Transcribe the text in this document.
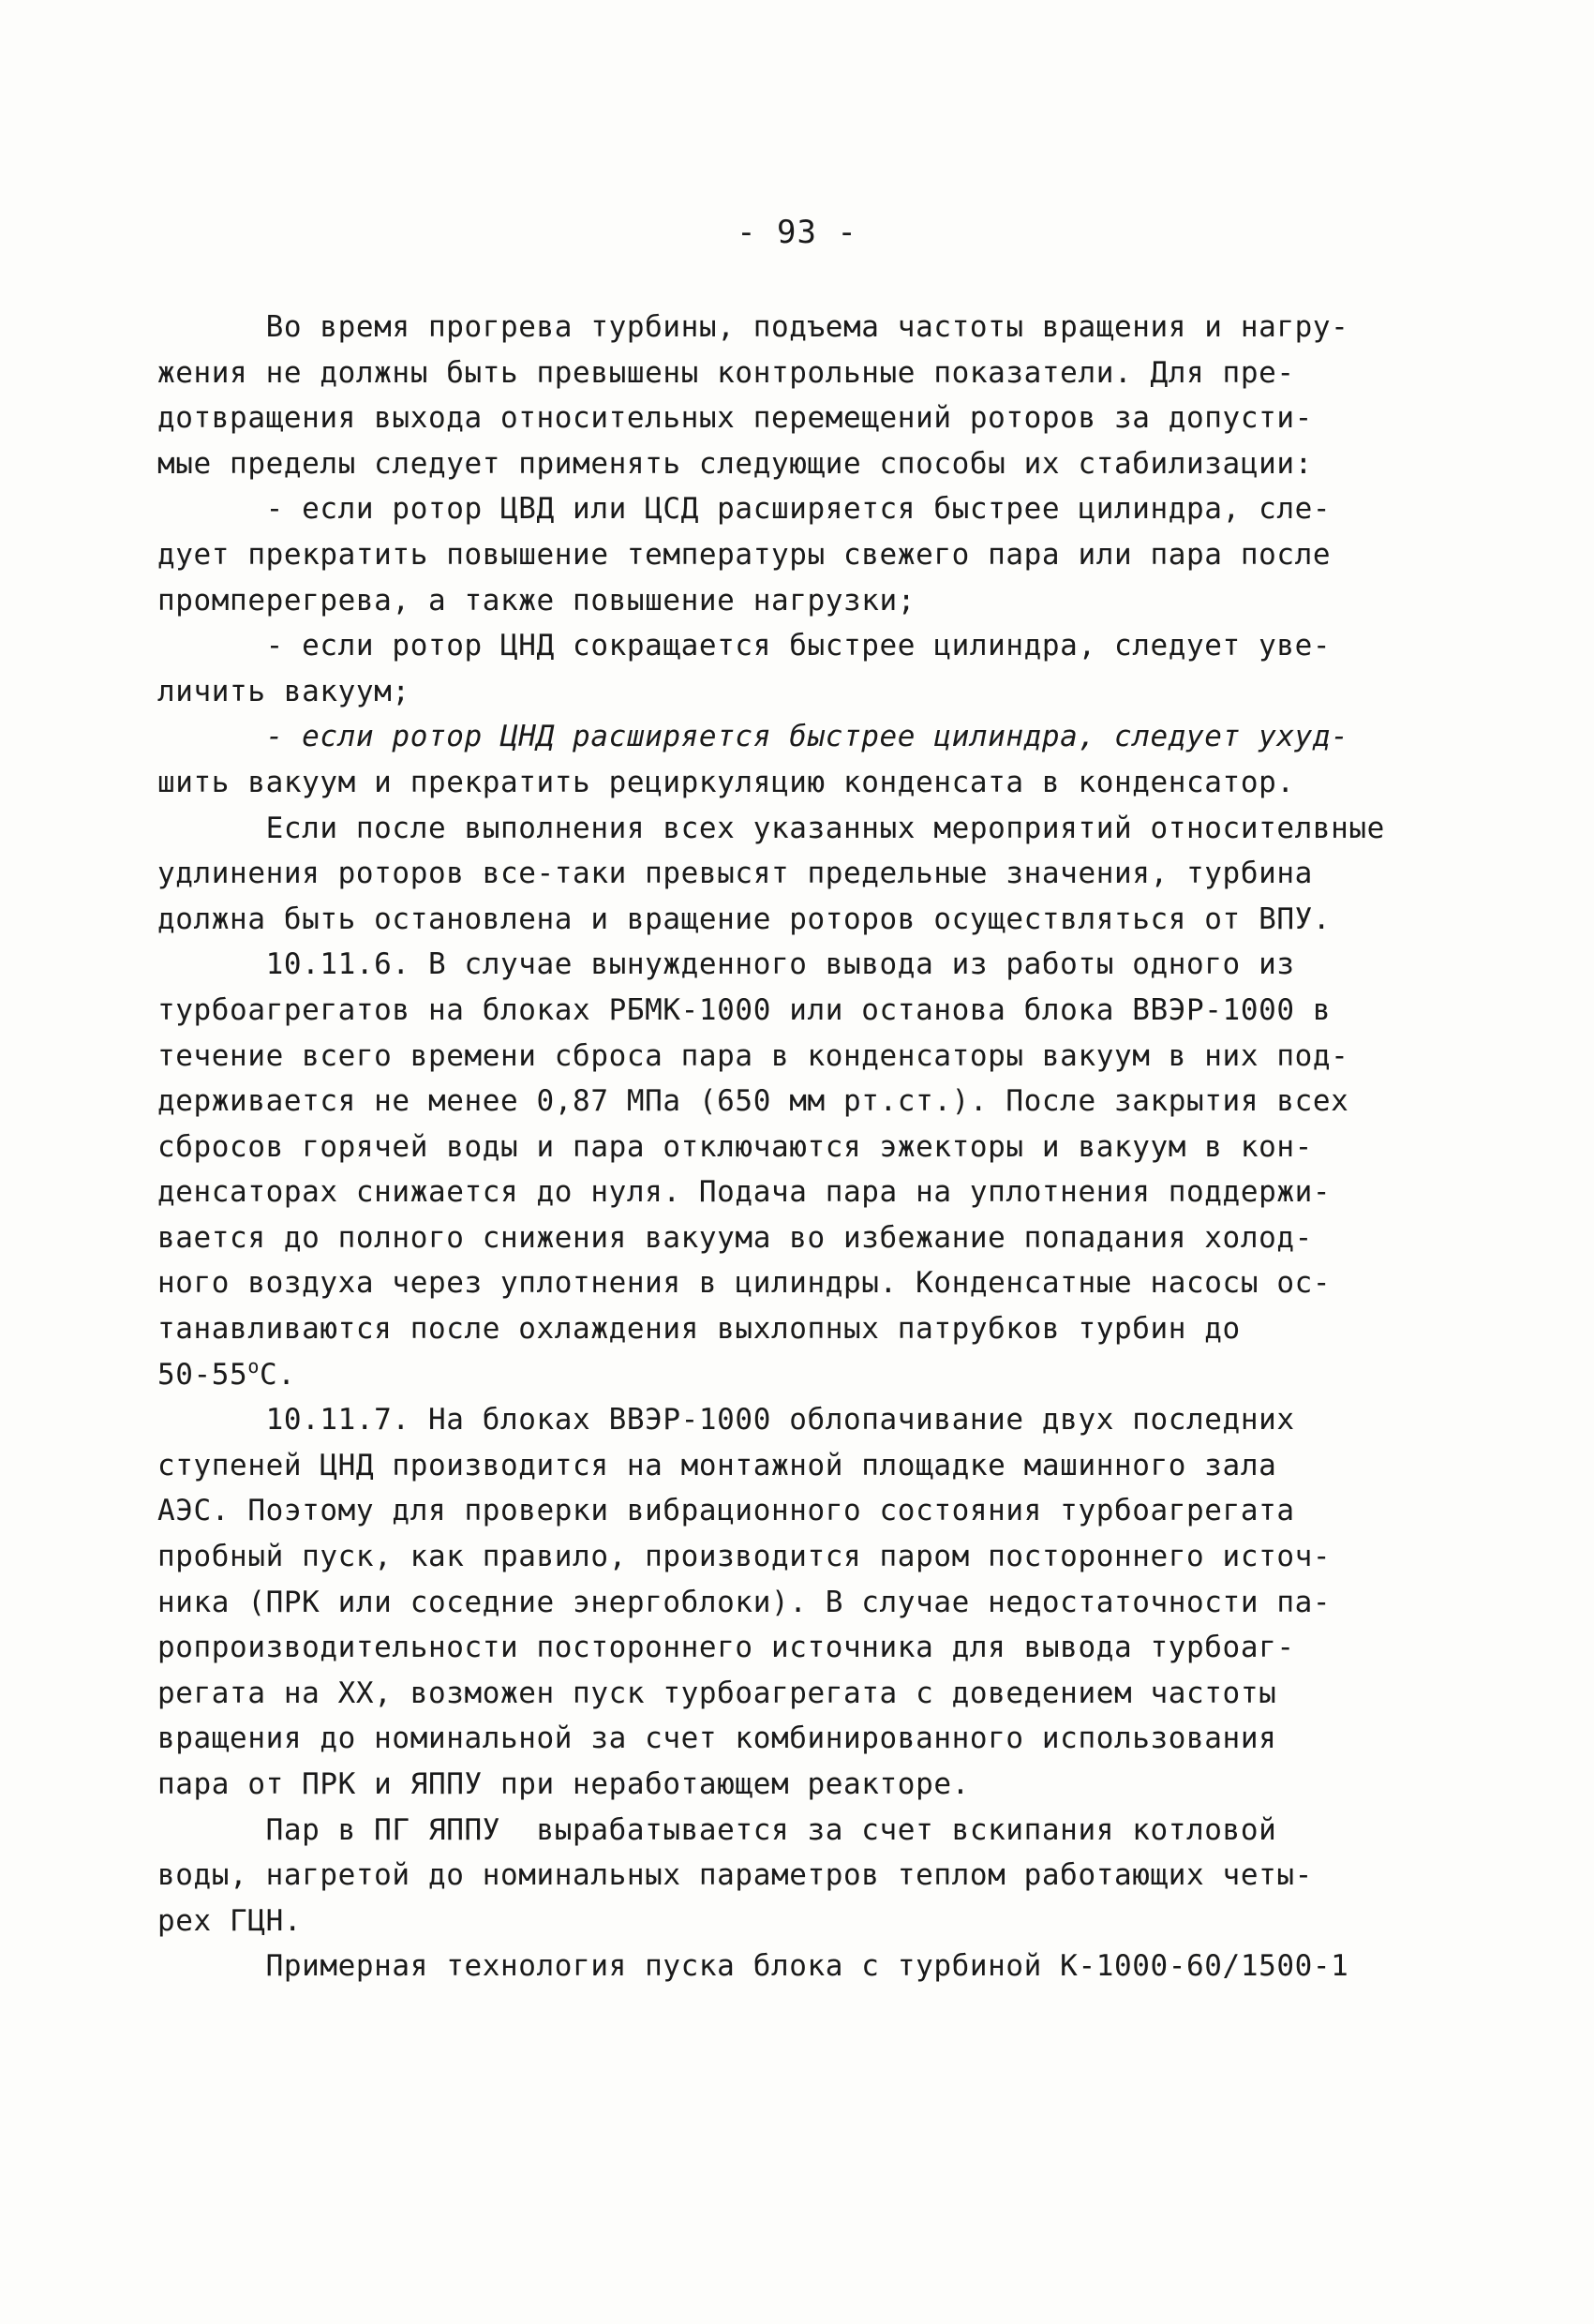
- 93 -
Во время прогрева турбины, подъема частоты вращения и нагру-
жения не должны быть превышены контрольные показатели. Для пре-
дотвращения выхода относительных перемещений роторов за допусти-
мые пределы следует применять следующие способы их стабилизации:
- если ротор ЦВД или ЦСД расширяется быстрее цилиндра, сле-
дует прекратить повышение температуры свежего пара или пара после
промперегрева, а также повышение нагрузки;
- если ротор ЦНД сокращается быстрее цилиндра, следует уве-
личить вакуум;
- если ротор ЦНД расширяется быстрее цилиндра, следует ухуд-
шить вакуум и прекратить рециркуляцию конденсата в конденсатор.
Если после выполнения всех указанных мероприятий относителвные
удлинения роторов все-таки превысят предельные значения, турбина
должна быть остановлена и вращение роторов осуществляться от ВПУ.
10.11.6. В случае вынужденного вывода из работы одного из
турбоагрегатов на блоках РБМК-1000 или останова блока ВВЭР-1000 в
течение всего времени сброса пара в конденсаторы вакуум в них под-
держивается не менее 0,87 МПа (650 мм рт.ст.). После закрытия всех
сбросов горячей воды и пара отключаются эжекторы и вакуум в кон-
денсаторах снижается до нуля. Подача пара на уплотнения поддержи-
вается до полного снижения вакуума во избежание попадания холод-
ного воздуха через уплотнения в цилиндры. Конденсатные насосы ос-
танавливаются после охлаждения выхлопных патрубков турбин до
$50-55^оС$.
10.11.7. На блоках ВВЭР-1000 облопачивание двух последних
ступеней ЦНД производится на монтажной площадке машинного зала
АЭС. Поэтому для проверки вибрационного состояния турбоагрегата
пробный пуск, как правило, производится паром постороннего источ-
ника (ПРК или соседние энергоблоки). В случае недостаточности па-
ропроизводительности постороннего источника для вывода турбоаг-
регата на XX, возможен пуск турбоагрегата с доведением частоты
вращения до номинальной за счет комбинированного использования
пара от ПРК и ЯППУ при неработающем реакторе.
Пар в ПГ ЯППУ  вырабатывается за счет вскипания котловой
воды, нагретой до номинальных параметров теплом работающих четы-
рех ГЦН.
Примерная технология пуска блока с турбиной К-1000-60/1500-1
